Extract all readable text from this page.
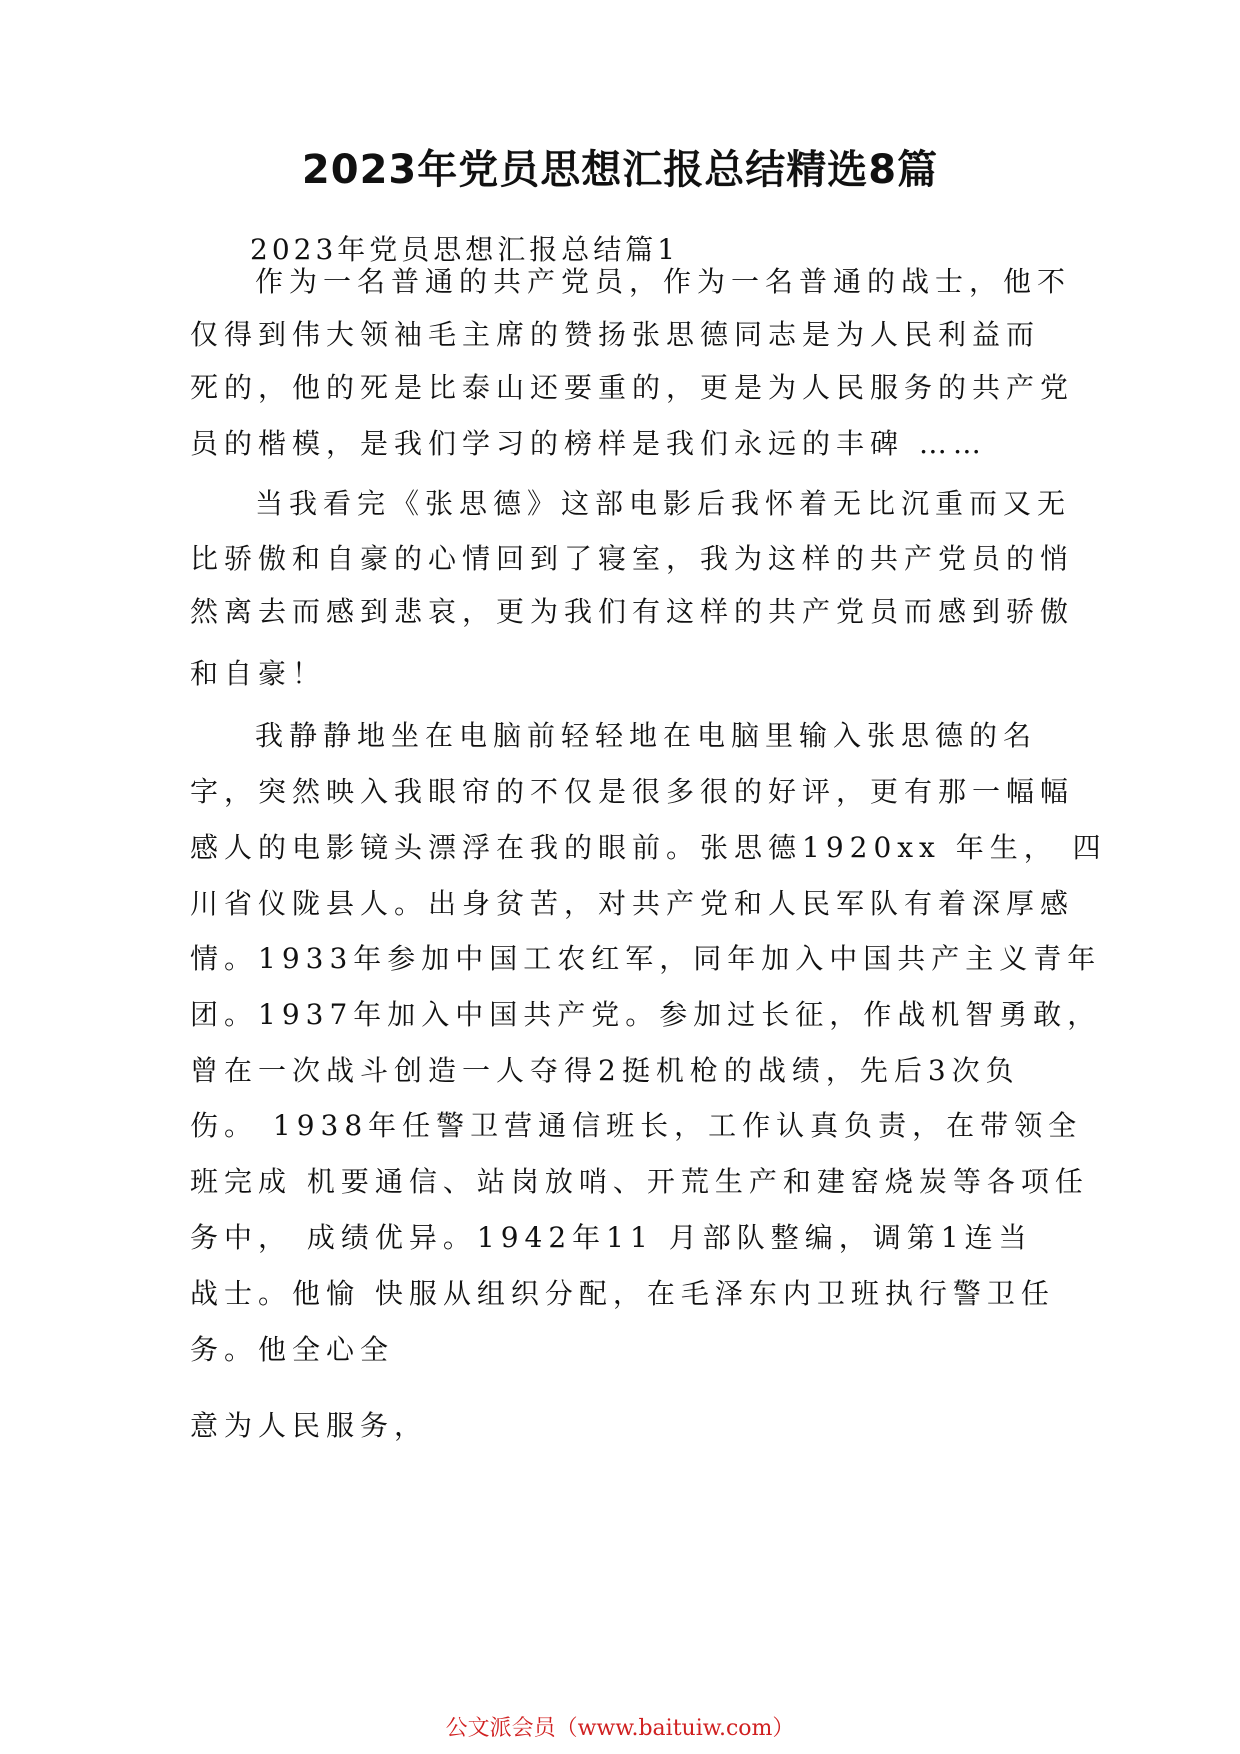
2023年党员思想汇报总结精选8篇
2023年党员思想汇报总结篇1
作为一名普通的共产党员，作为一名普通的战士，他不
仅得到伟大领袖毛主席的赞扬张思德同志是为人民利益而
死的，他的死是比泰山还要重的，更是为人民服务的共产党
员的楷模，是我们学习的榜样是我们永远的丰碑 ……
当我看完《张思德》这部电影后我怀着无比沉重而又无
比骄傲和自豪的心情回到了寝室，我为这样的共产党员的悄
然离去而感到悲哀，更为我们有这样的共产党员而感到骄傲
和自豪！
我静静地坐在电脑前轻轻地在电脑里输入张思德的名
字，突然映入我眼帘的不仅是很多很的好评，更有那一幅幅
感人的电影镜头漂浮在我的眼前。张思德1920xx 年生， 四
川省仪陇县人。出身贫苦，对共产党和人民军队有着深厚感
情。1933年参加中国工农红军，同年加入中国共产主义青年
团。1937年加入中国共产党。参加过长征，作战机智勇敢，
曾在一次战斗创造一人夺得2挺机枪的战绩，先后3次负
伤。 1938年任警卫营通信班长，工作认真负责，在带领全
班完成 机要通信、站岗放哨、开荒生产和建窑烧炭等各项任
务中， 成绩优异。1942年11 月部队整编，调第1连当
战士。他愉 快服从组织分配，在毛泽东内卫班执行警卫任
务。他全心全
意为人民服务，
公文派会员（www.baituiw.com）
